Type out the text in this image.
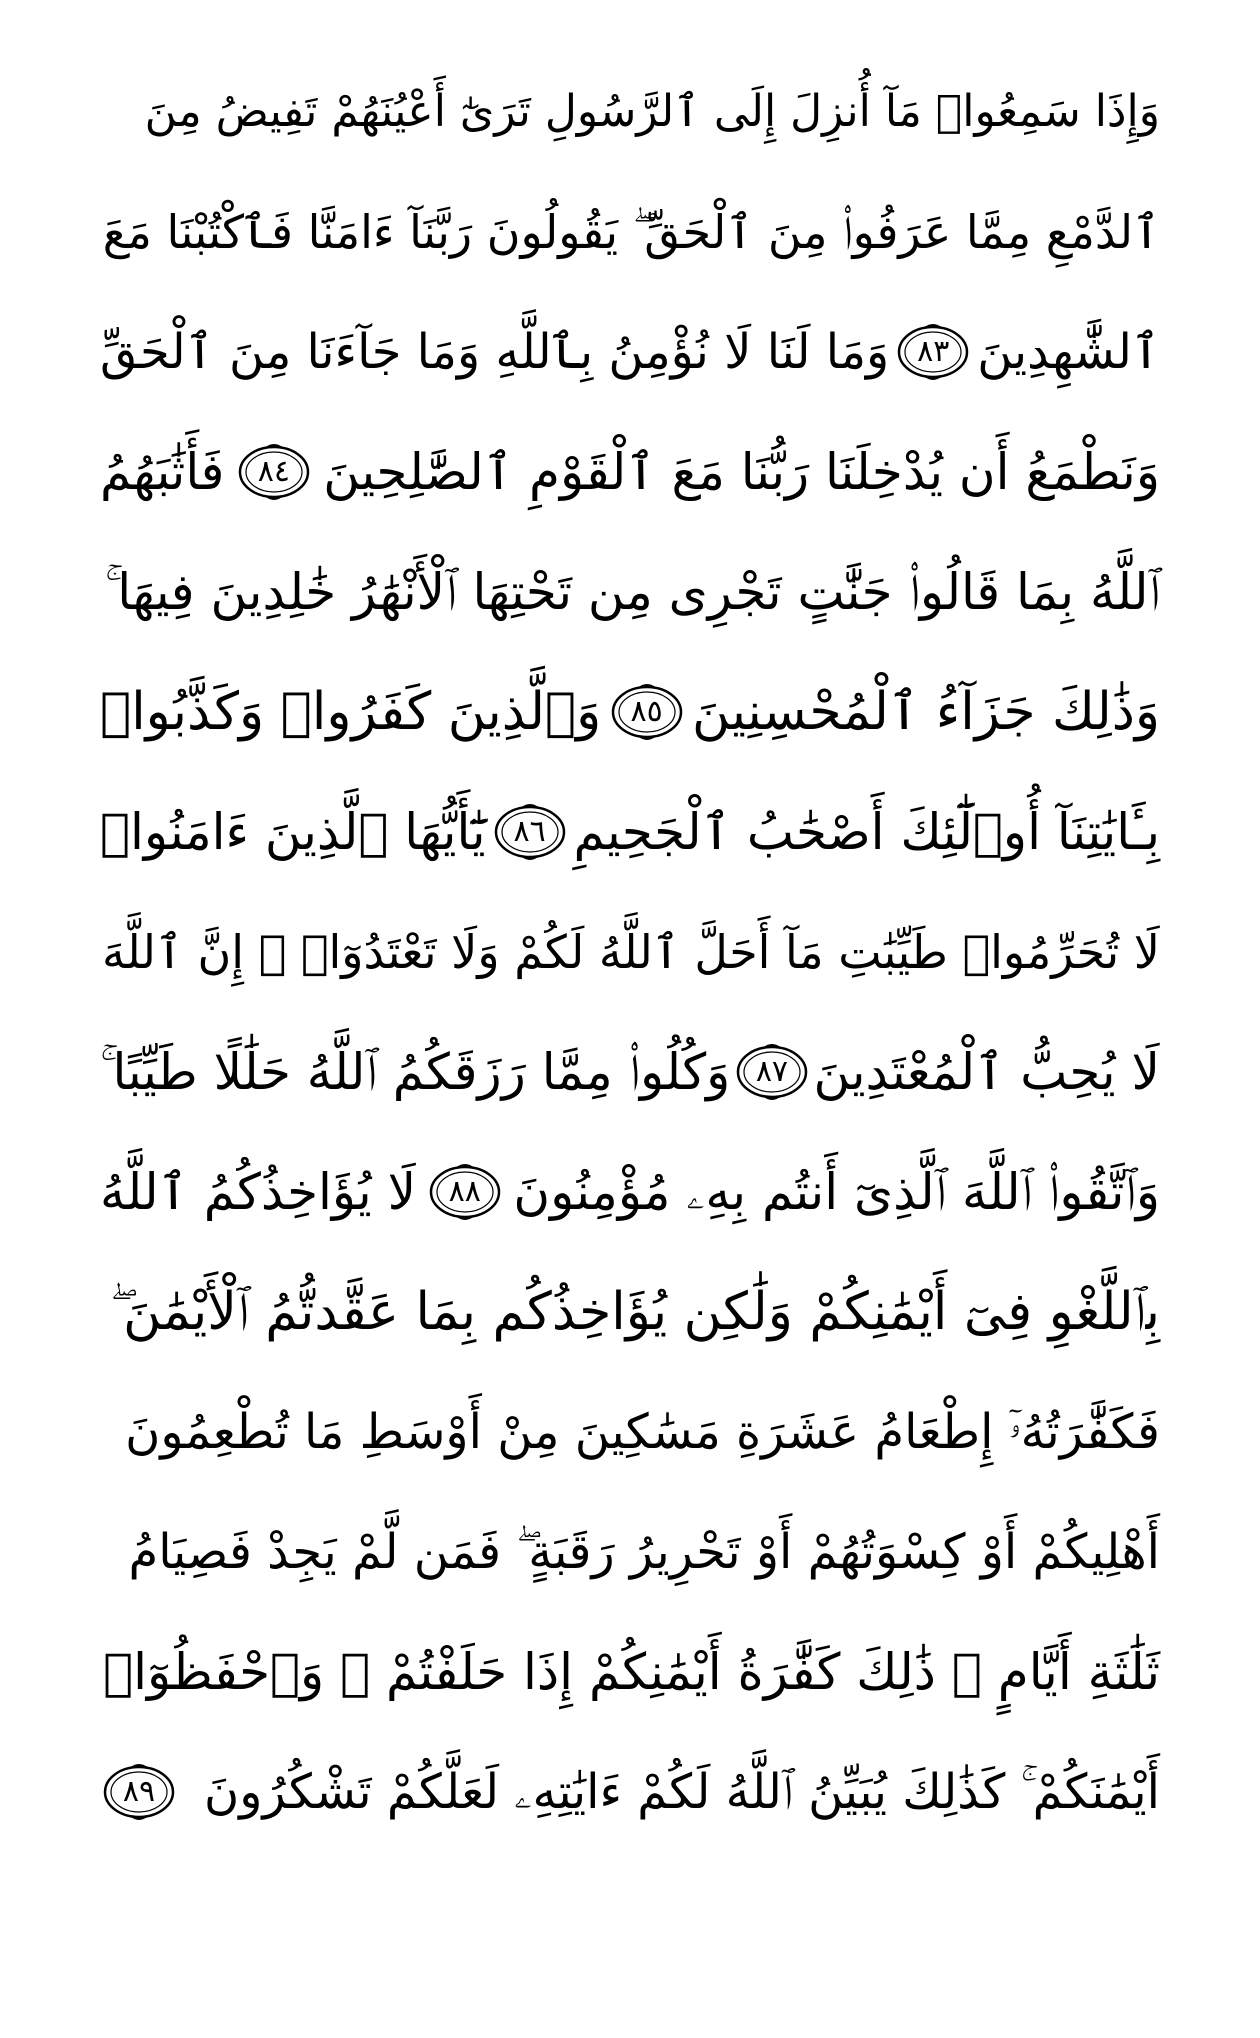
وَإِذَا سَمِعُوا۟ مَآ أُنزِلَ إِلَى ٱلرَّسُولِ تَرَىٰٓ أَعْيُنَهُمْ تَفِيضُ مِنَ
ٱلدَّمْعِ مِمَّا عَرَفُوا۟ مِنَ ٱلْحَقِّ ۖ يَقُولُونَ رَبَّنَآ ءَامَنَّا فَٱكْتُبْنَا مَعَ
ٱلشَّٰهِدِينَ
٨٣
وَمَا لَنَا لَا نُؤْمِنُ بِٱللَّهِ وَمَا جَآءَنَا مِنَ ٱلْحَقِّ
وَنَطْمَعُ أَن يُدْخِلَنَا رَبُّنَا مَعَ ٱلْقَوْمِ ٱلصَّٰلِحِينَ
٨٤
فَأَثَٰبَهُمُ
ٱللَّهُ بِمَا قَالُوا۟ جَنَّٰتٍ تَجْرِى مِن تَحْتِهَا ٱلْأَنْهَٰرُ خَٰلِدِينَ فِيهَا ۚ
وَذَٰلِكَ جَزَآءُ ٱلْمُحْسِنِينَ
٨٥
وَٱلَّذِينَ كَفَرُوا۟ وَكَذَّبُوا۟
بِـَٔايَٰتِنَآ أُو۟لَٰٓئِكَ أَصْحَٰبُ ٱلْجَحِيمِ
٨٦
يَٰٓأَيُّهَا ٱلَّذِينَ ءَامَنُوا۟
لَا تُحَرِّمُوا۟ طَيِّبَٰتِ مَآ أَحَلَّ ٱللَّهُ لَكُمْ وَلَا تَعْتَدُوٓا۟ ۚ إِنَّ ٱللَّهَ
لَا يُحِبُّ ٱلْمُعْتَدِينَ
٨٧
وَكُلُوا۟ مِمَّا رَزَقَكُمُ ٱللَّهُ حَلَٰلًا طَيِّبًا ۚ
وَٱتَّقُوا۟ ٱللَّهَ ٱلَّذِىٓ أَنتُم بِهِۦ مُؤْمِنُونَ
٨٨
لَا يُؤَاخِذُكُمُ ٱللَّهُ
بِٱللَّغْوِ فِىٓ أَيْمَٰنِكُمْ وَلَٰكِن يُؤَاخِذُكُم بِمَا عَقَّدتُّمُ ٱلْأَيْمَٰنَ ۖ
فَكَفَّٰرَتُهُۥٓ إِطْعَامُ عَشَرَةِ مَسَٰكِينَ مِنْ أَوْسَطِ مَا تُطْعِمُونَ
أَهْلِيكُمْ أَوْ كِسْوَتُهُمْ أَوْ تَحْرِيرُ رَقَبَةٍ ۖ فَمَن لَّمْ يَجِدْ فَصِيَامُ
ثَلَٰثَةِ أَيَّامٍ ۚ ذَٰلِكَ كَفَّٰرَةُ أَيْمَٰنِكُمْ إِذَا حَلَفْتُمْ ۚ وَٱحْفَظُوٓا۟
أَيْمَٰنَكُمْ ۚ كَذَٰلِكَ يُبَيِّنُ ٱللَّهُ لَكُمْ ءَايَٰتِهِۦ لَعَلَّكُمْ تَشْكُرُونَ
٨٩
